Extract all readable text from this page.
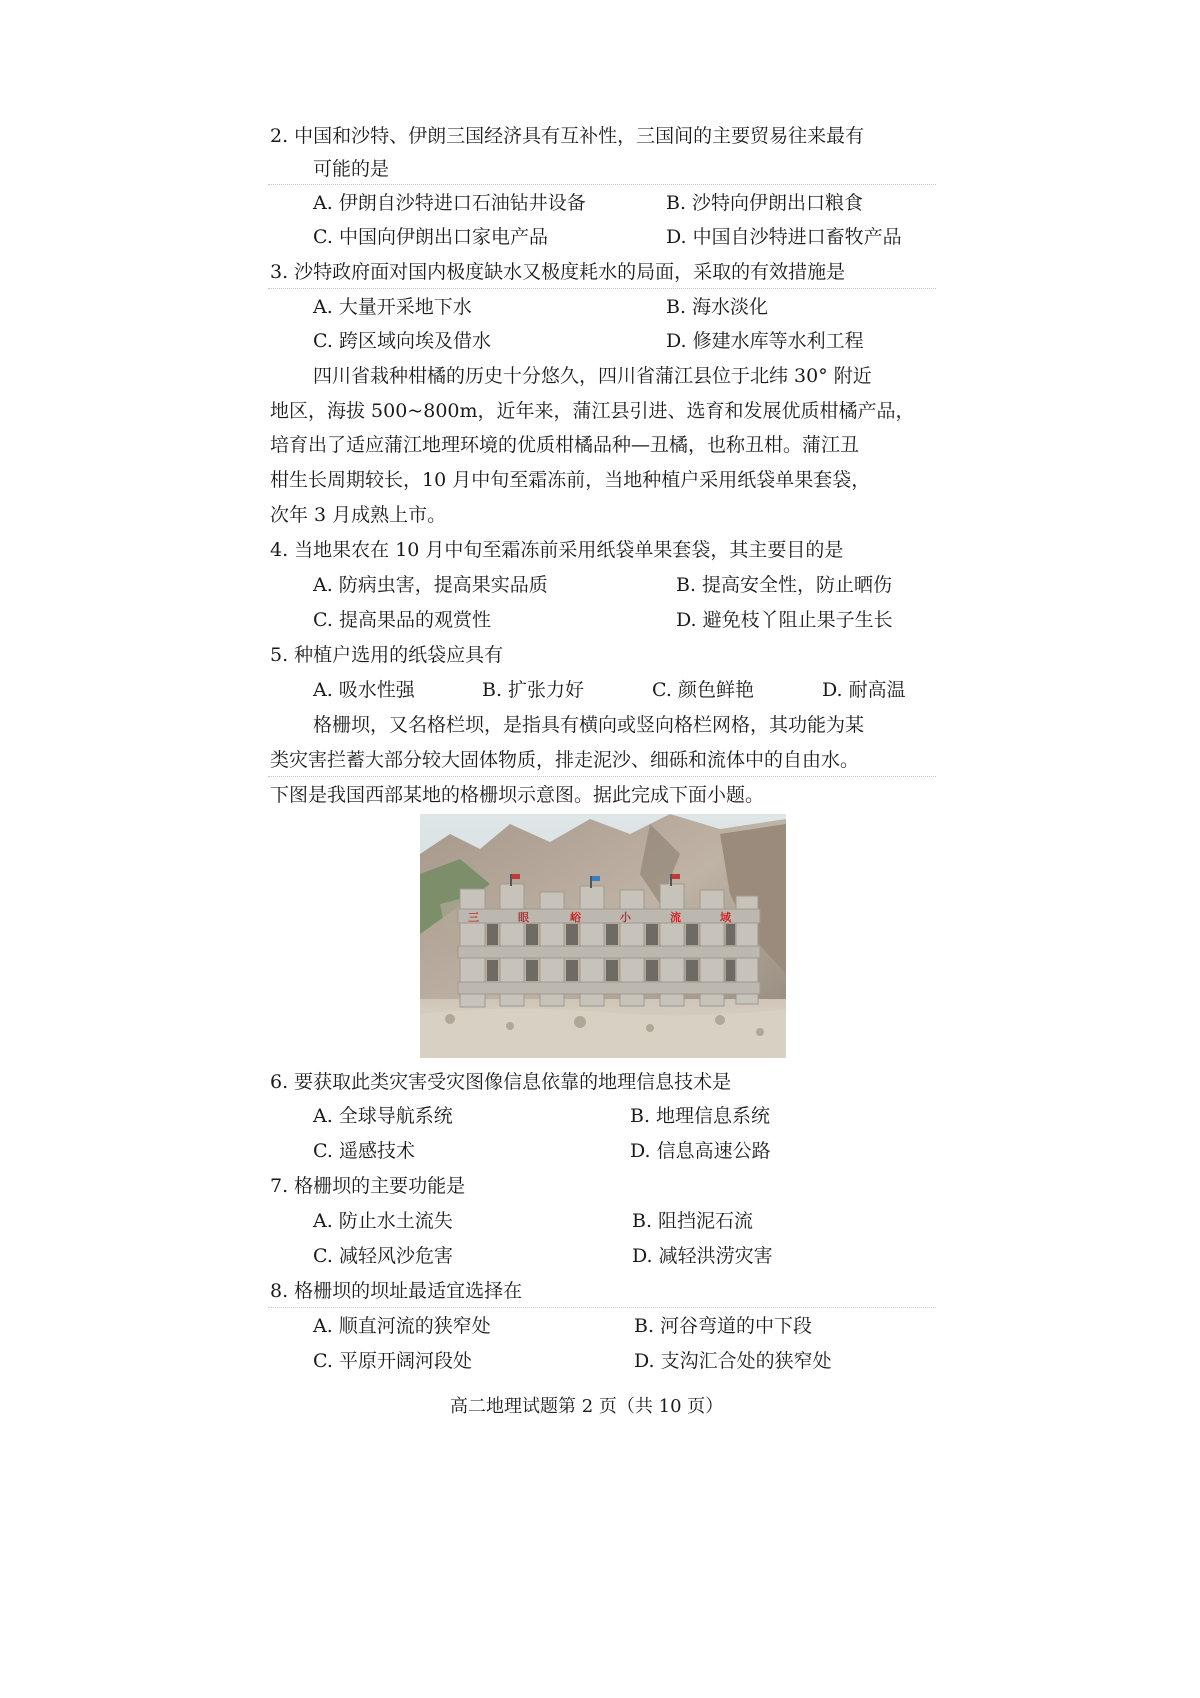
2. 中国和沙特、伊朗三国经济具有互补性，三国间的主要贸易往来最有
可能的是
A. 伊朗自沙特进口石油钻井设备	B. 沙特向伊朗出口粮食
C. 中国向伊朗出口家电产品	D. 中国自沙特进口畜牧产品
3. 沙特政府面对国内极度缺水又极度耗水的局面，采取的有效措施是
A. 大量开采地下水	B. 海水淡化
C. 跨区域向埃及借水	D. 修建水库等水利工程
四川省栽种柑橘的历史十分悠久，四川省蒲江县位于北纬 30° 附近
地区，海拔 500~800m，近年来，蒲江县引进、选育和发展优质柑橘产品，
培育出了适应蒲江地理环境的优质柑橘品种—丑橘，也称丑柑。蒲江丑
柑生长周期较长，10 月中旬至霜冻前，当地种植户采用纸袋单果套袋，
次年 3 月成熟上市。
4. 当地果农在 10 月中旬至霜冻前采用纸袋单果套袋，其主要目的是
A. 防病虫害，提高果实品质	B. 提高安全性，防止晒伤
C. 提高果品的观赏性	D. 避免枝丫阻止果子生长
5. 种植户选用的纸袋应具有
A. 吸水性强	B. 扩张力好	C. 颜色鲜艳	D. 耐高温
格栅坝，又名格栏坝，是指具有横向或竖向格栏网格，其功能为某
类灾害拦蓄大部分较大固体物质，排走泥沙、细砾和流体中的自由水。
下图是我国西部某地的格栅坝示意图。据此完成下面小题。
三	眼	峪	小	流	域
6. 要获取此类灾害受灾图像信息依靠的地理信息技术是
A. 全球导航系统	B. 地理信息系统
C. 遥感技术	D. 信息高速公路
7. 格栅坝的主要功能是
A. 防止水土流失	B. 阻挡泥石流
C. 减轻风沙危害	D. 减轻洪涝灾害
8. 格栅坝的坝址最适宜选择在
A. 顺直河流的狭窄处	B. 河谷弯道的中下段
C. 平原开阔河段处	D. 支沟汇合处的狭窄处
高二地理试题第 2 页（共 10 页）
